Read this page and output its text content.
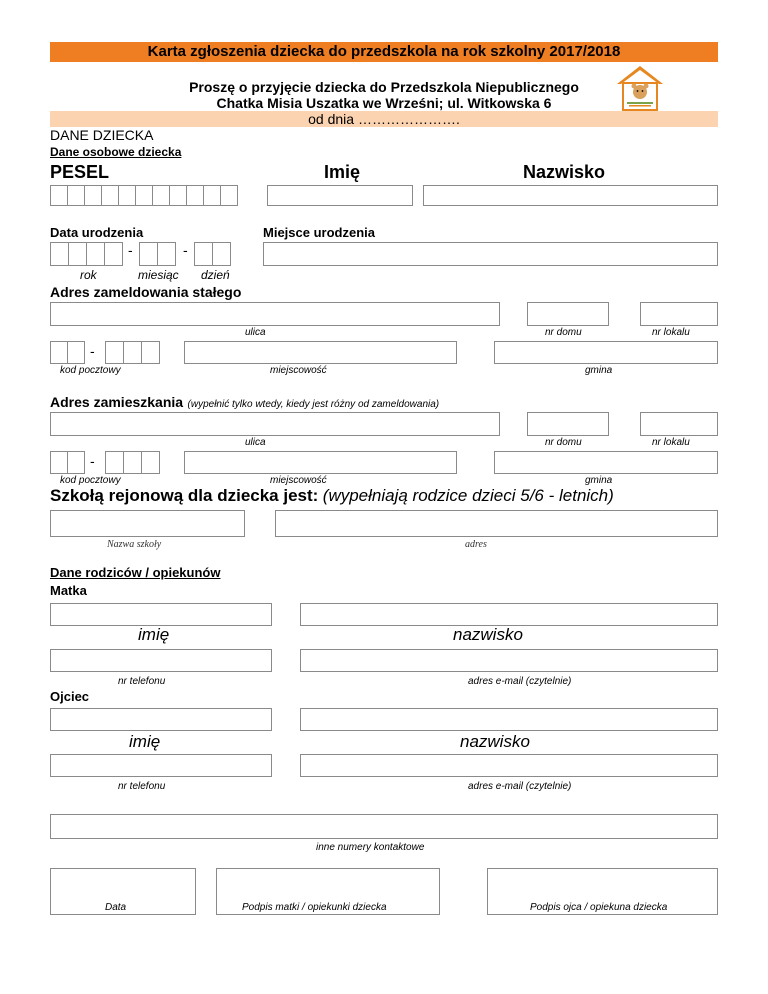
Karta zgłoszenia dziecka do przedszkola na rok szkolny 2017/2018
Proszę o przyjęcie dziecka do Przedszkola Niepublicznego
Chatka Misia Uszatka we Wrześni; ul. Witkowska 6
od dnia ………………….
DANE DZIECKA
Dane osobowe dziecka
PESEL	Imię	Nazwisko
Data urodzenia	Miejsce urodzenia
-	-
rok	miesiąc dzień
Adres zameldowania stałego
ulica	nr domu	nr lokalu
-
kod pocztowy	miejscowość	gmina
Adres zamieszkania (wypełnić tylko wtedy, kiedy jest różny od zameldowania)
ulica	nr domu	nr lokalu
-
kod pocztowy	miejscowość	gmina
Szkołą rejonową dla dziecka jest: (wypełniają rodzice dzieci 5/6 - letnich)
Nazwa szkoły	adres
Dane rodziców / opiekunów
Matka
imię	nazwisko
nr telefonu	adres e-mail (czytelnie)
Ojciec
imię	nazwisko
nr telefonu	adres e-mail (czytelnie)
inne numery kontaktowe
Data	Podpis matki / opiekunki dziecka	Podpis ojca / opiekuna dziecka
